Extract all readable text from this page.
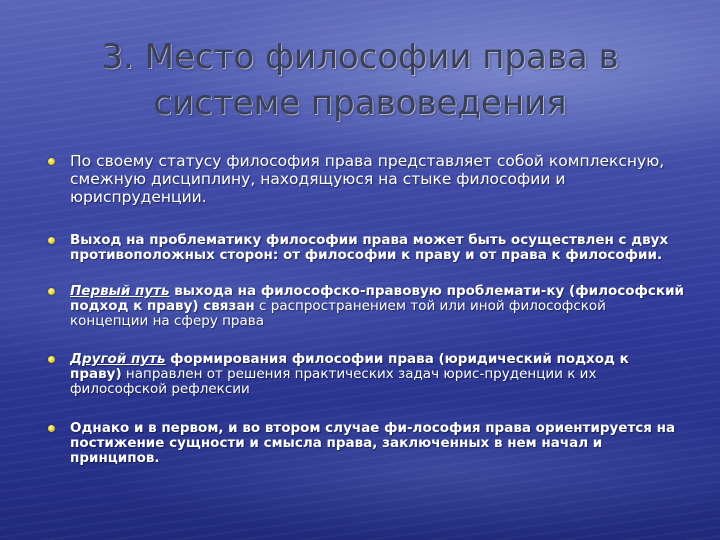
3. Место философии права в
системе правоведения
По своему статусу философия права представляет собой комплексную, смежную дисциплину, находящуюся на стыке философии и юриспруденции.
Выход на проблематику философии права может быть осуществлен с двух противоположных сторон: от философии к праву и от права к философии.
Первый путь выхода на философско-правовую проблемати-ку (философский подход к праву) связан с распространением той или иной философской концепции на сферу права
Другой путь формирования философии права (юридический подход к праву) направлен от решения практических задач юрис-пруденции к их философской рефлексии
Однако и в первом, и во втором случае фи-лософия права ориентируется на постижение сущности и смысла права, заключенных в нем начал и принципов.
